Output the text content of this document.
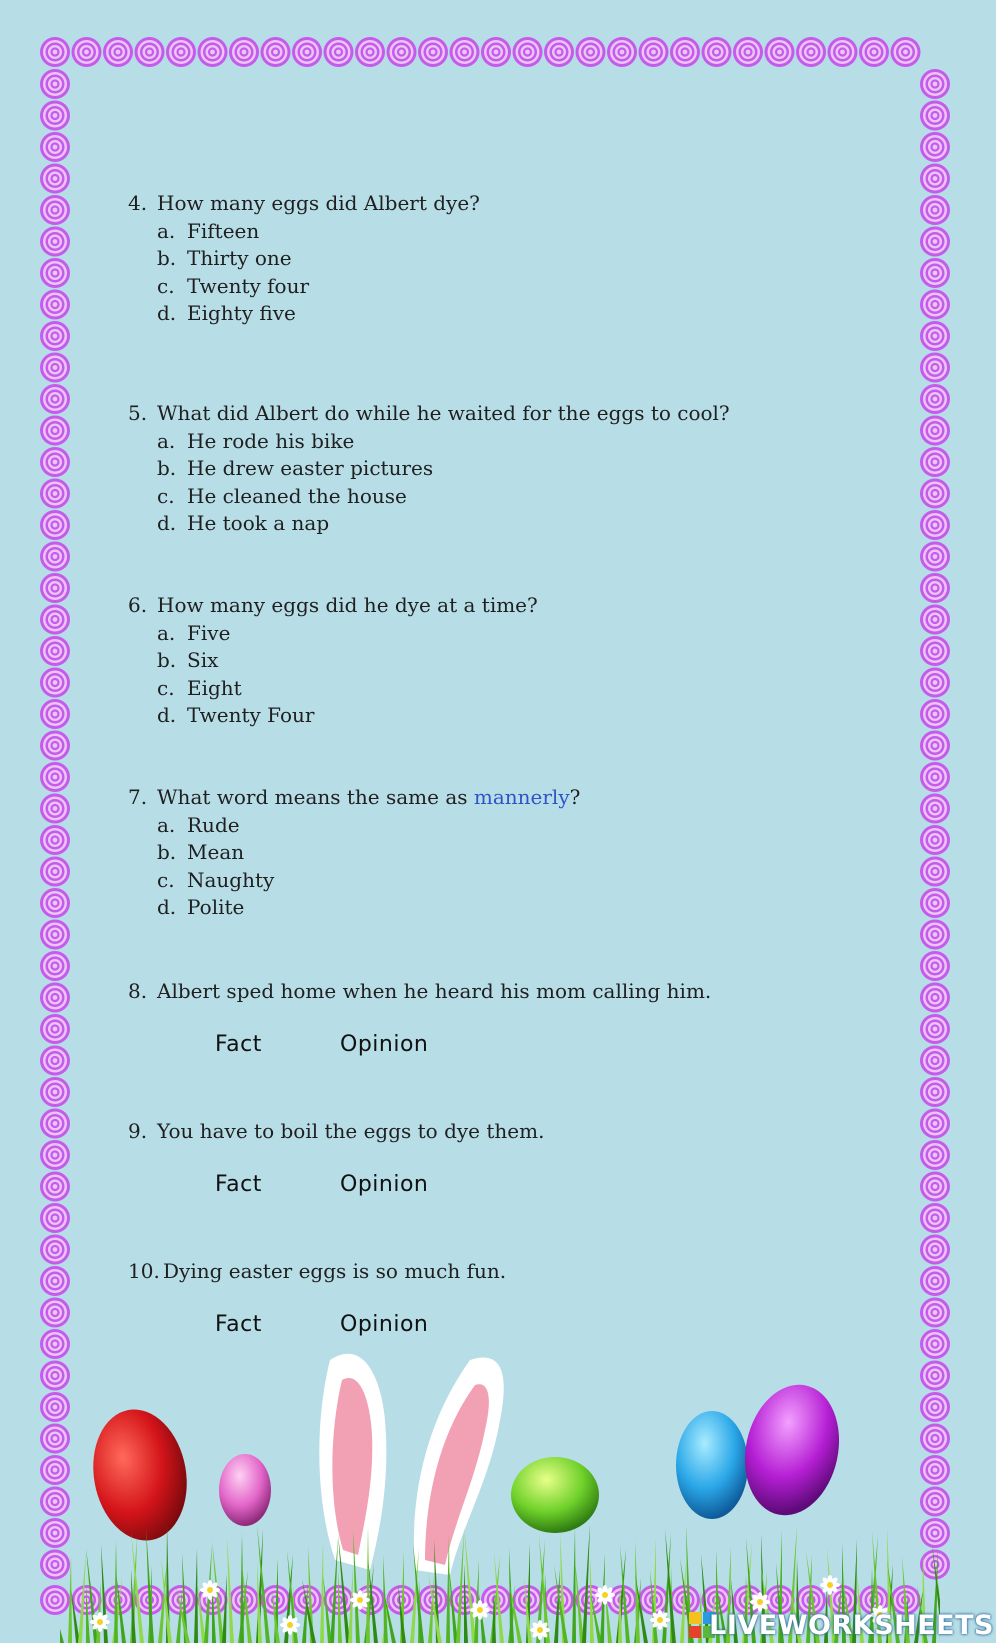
4. How many eggs did Albert dye?
a. Fifteen
b. Thirty one
c. Twenty four
d. Eighty five
5. What did Albert do while he waited for the eggs to cool?
a. He rode his bike
b. He drew easter pictures
c. He cleaned the house
d. He took a nap
6. How many eggs did he dye at a time?
a. Five
b. Six
c. Eight
d. Twenty Four
7. What word means the same as mannerly?
a. Rude
b. Mean
c. Naughty
d. Polite
8. Albert sped home when he heard his mom calling him.
Fact	Opinion
9. You have to boil the eggs to dye them.
Fact	Opinion
10. Dying easter eggs is so much fun.
Fact	Opinion
LIVEWORKSHEETS
